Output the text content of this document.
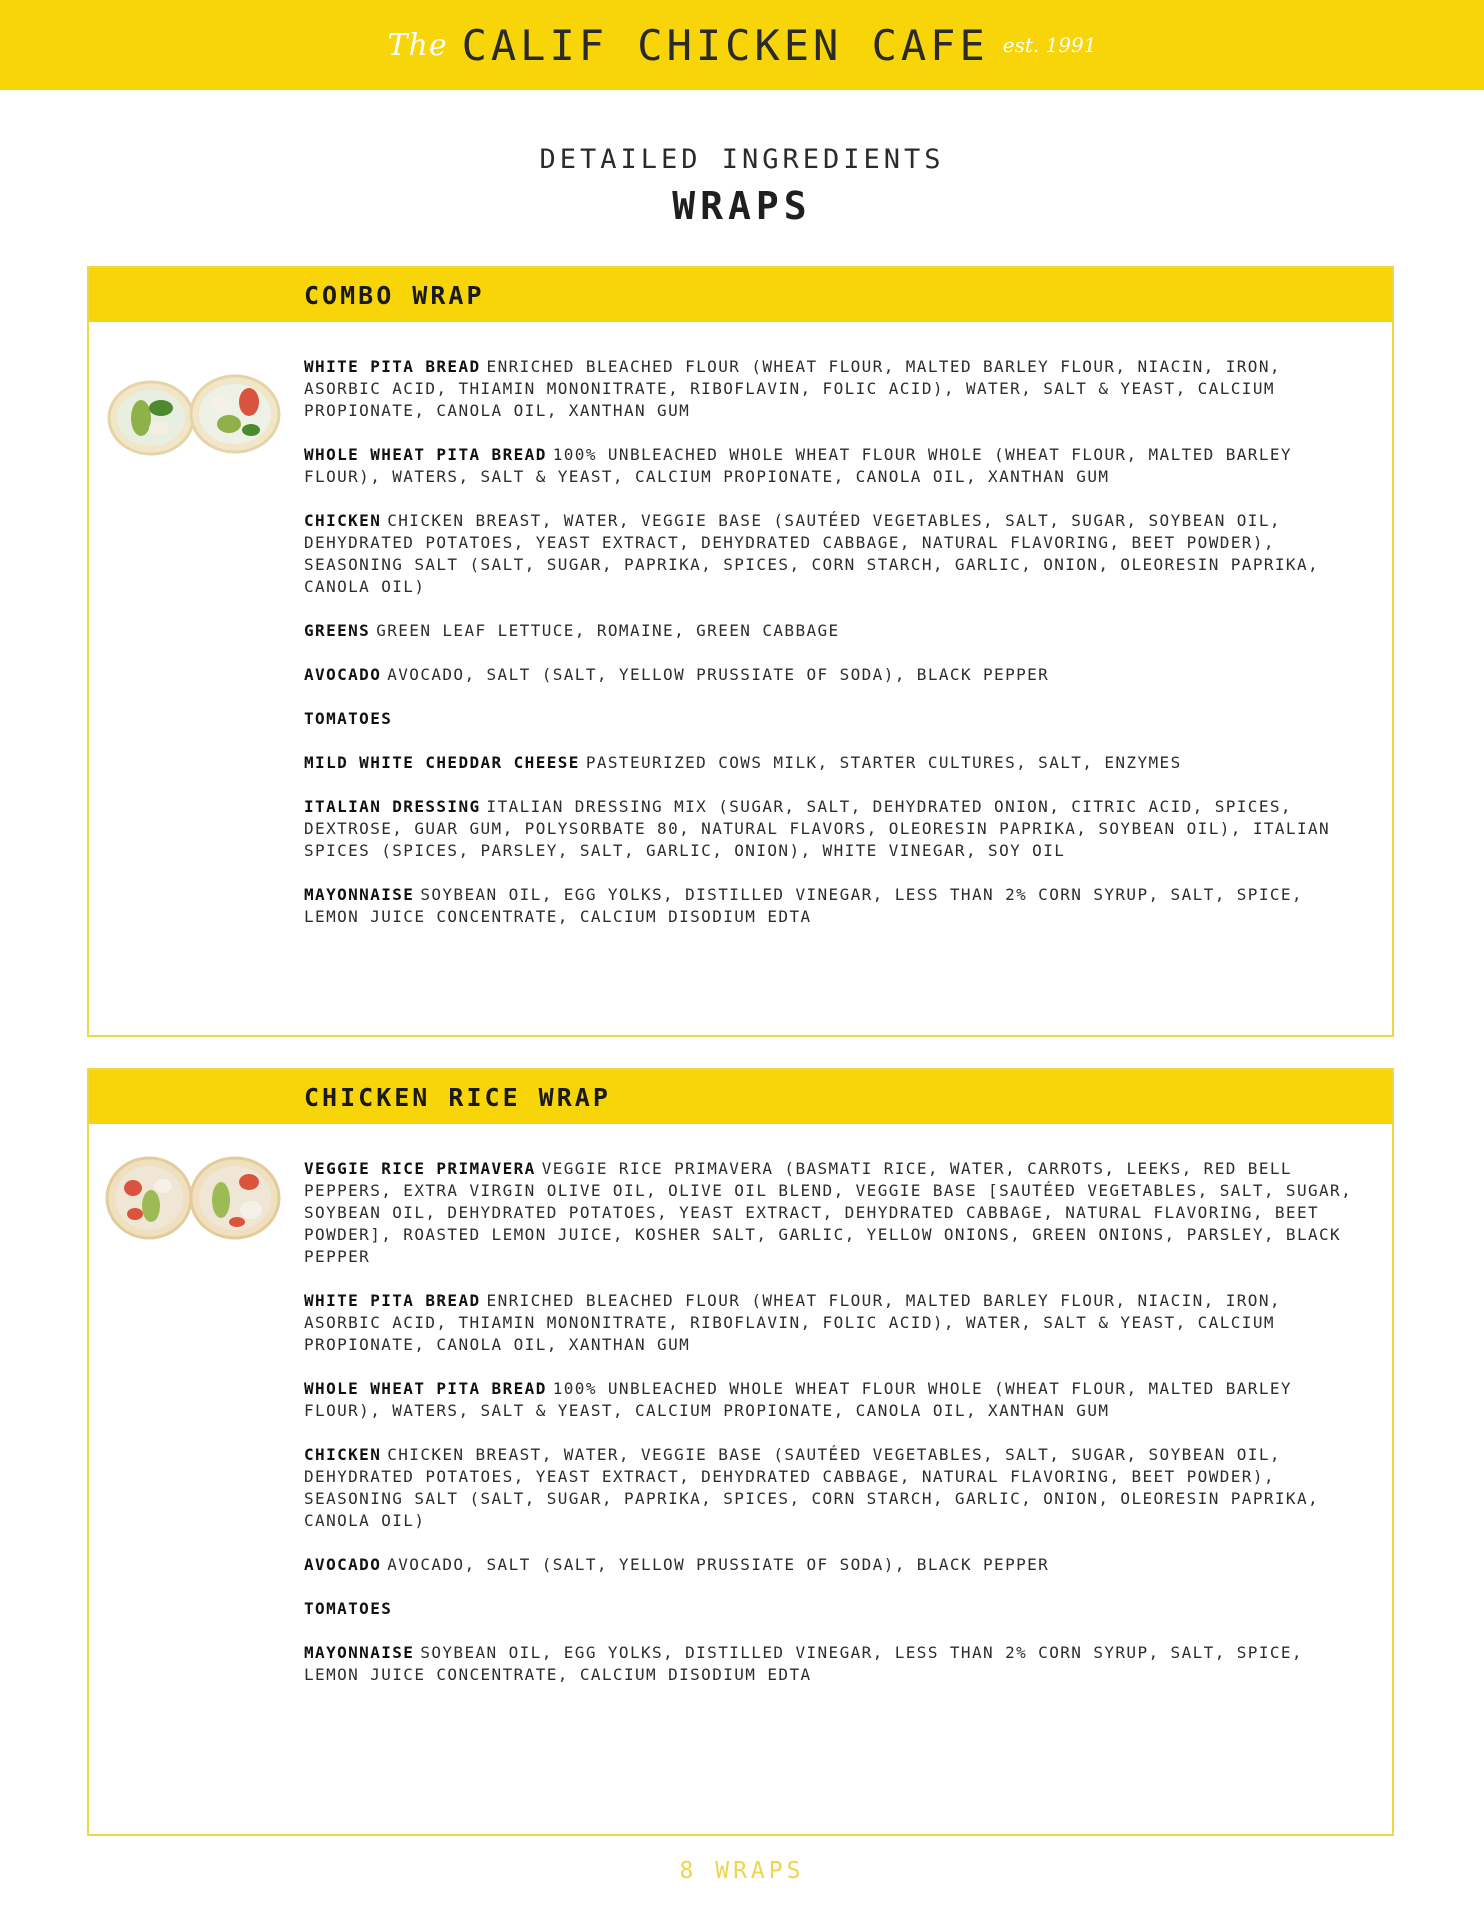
The CALIF CHICKEN CAFE est. 1991
DETAILED INGREDIENTS
WRAPS
COMBO WRAP

WHITE PITA BREAD ENRICHED BLEACHED FLOUR (WHEAT FLOUR, MALTED BARLEY FLOUR, NIACIN, IRON, ASORBIC ACID, THIAMIN MONONITRATE, RIBOFLAVIN, FOLIC ACID), WATER, SALT & YEAST, CALCIUM PROPIONATE, CANOLA OIL, XANTHAN GUM

WHOLE WHEAT PITA BREAD 100% UNBLEACHED WHOLE WHEAT FLOUR WHOLE (WHEAT FLOUR, MALTED BARLEY FLOUR), WATERS, SALT & YEAST, CALCIUM PROPIONATE, CANOLA OIL, XANTHAN GUM

CHICKEN CHICKEN BREAST, WATER, VEGGIE BASE (SAUTÉED VEGETABLES, SALT, SUGAR, SOYBEAN OIL, DEHYDRATED POTATOES, YEAST EXTRACT, DEHYDRATED CABBAGE, NATURAL FLAVORING, BEET POWDER), SEASONING SALT (SALT, SUGAR, PAPRIKA, SPICES, CORN STARCH, GARLIC, ONION, OLEORESIN PAPRIKA, CANOLA OIL)

GREENS GREEN LEAF LETTUCE, ROMAINE, GREEN CABBAGE

AVOCADO AVOCADO, SALT (SALT, YELLOW PRUSSIATE OF SODA), BLACK PEPPER

TOMATOES

MILD WHITE CHEDDAR CHEESE PASTEURIZED COWS MILK, STARTER CULTURES, SALT, ENZYMES

ITALIAN DRESSING ITALIAN DRESSING MIX (SUGAR, SALT, DEHYDRATED ONION, CITRIC ACID, SPICES, DEXTROSE, GUAR GUM, POLYSORBATE 80, NATURAL FLAVORS, OLEORESIN PAPRIKA, SOYBEAN OIL), ITALIAN SPICES (SPICES, PARSLEY, SALT, GARLIC, ONION), WHITE VINEGAR, SOY OIL

MAYONNAISE SOYBEAN OIL, EGG YOLKS, DISTILLED VINEGAR, LESS THAN 2% CORN SYRUP, SALT, SPICE, LEMON JUICE CONCENTRATE, CALCIUM DISODIUM EDTA

CHICKEN RICE WRAP

VEGGIE RICE PRIMAVERA VEGGIE RICE PRIMAVERA (BASMATI RICE, WATER, CARROTS, LEEKS, RED BELL PEPPERS, EXTRA VIRGIN OLIVE OIL, OLIVE OIL BLEND, VEGGIE BASE [SAUTÉED VEGETABLES, SALT, SUGAR, SOYBEAN OIL, DEHYDRATED POTATOES, YEAST EXTRACT, DEHYDRATED CABBAGE, NATURAL FLAVORING, BEET POWDER], ROASTED LEMON JUICE, KOSHER SALT, GARLIC, YELLOW ONIONS, GREEN ONIONS, PARSLEY, BLACK PEPPER

WHITE PITA BREAD ENRICHED BLEACHED FLOUR (WHEAT FLOUR, MALTED BARLEY FLOUR, NIACIN, IRON, ASORBIC ACID, THIAMIN MONONITRATE, RIBOFLAVIN, FOLIC ACID), WATER, SALT & YEAST, CALCIUM PROPIONATE, CANOLA OIL, XANTHAN GUM

WHOLE WHEAT PITA BREAD 100% UNBLEACHED WHOLE WHEAT FLOUR WHOLE (WHEAT FLOUR, MALTED BARLEY FLOUR), WATERS, SALT & YEAST, CALCIUM PROPIONATE, CANOLA OIL, XANTHAN GUM

CHICKEN CHICKEN BREAST, WATER, VEGGIE BASE (SAUTÉED VEGETABLES, SALT, SUGAR, SOYBEAN OIL, DEHYDRATED POTATOES, YEAST EXTRACT, DEHYDRATED CABBAGE, NATURAL FLAVORING, BEET POWDER), SEASONING SALT (SALT, SUGAR, PAPRIKA, SPICES, CORN STARCH, GARLIC, ONION, OLEORESIN PAPRIKA, CANOLA OIL)

AVOCADO AVOCADO, SALT (SALT, YELLOW PRUSSIATE OF SODA), BLACK PEPPER

TOMATOES

MAYONNAISE SOYBEAN OIL, EGG YOLKS, DISTILLED VINEGAR, LESS THAN 2% CORN SYRUP, SALT, SPICE, LEMON JUICE CONCENTRATE, CALCIUM DISODIUM EDTA

8 WRAPS
